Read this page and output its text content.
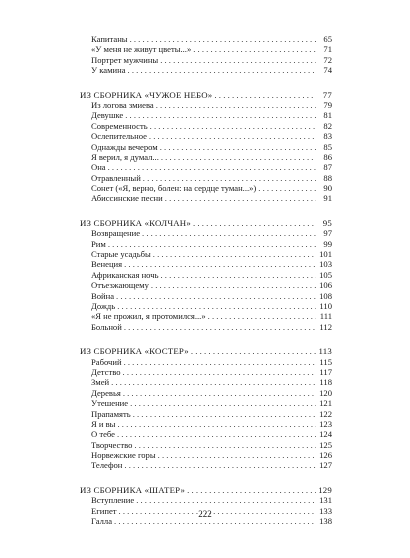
Капитаны . . .	65
«У меня не живут цветы...» . . .	71
Портрет мужчины . . .	72
У камина . . .	74
ИЗ СБОРНИКА «ЧУЖОЕ НЕБО» . . .	77
Из логова змиева . . .	79
Девушке . . .	81
Современность . . .	82
Ослепительное . . .	83
Однажды вечером . . .	85
Я верил, я думал... . . .	86
Она . . .	87
Отравленный . . .	88
Сонет («Я, верно, болен: на сердце туман...») . . .	90
Абиссинские песни . . .	91
ИЗ СБОРНИКА «КОЛЧАН» . . .	95
Возвращение . . .	97
Рим . . .	99
Старые усадьбы . . .	101
Венеция . . .	103
Африканская ночь . . .	105
Отъезжающему . . .	106
Война . . .	108
Дождь . . .	110
«Я не прожил, я протомился...» . . .	111
Больной . . .	112
ИЗ СБОРНИКА «КОСТЕР» . . .	113
Рабочий . . .	115
Детство . . .	117
Змей . . .	118
Деревья . . .	120
Утешение . . .	121
Прапамять . . .	122
Я и вы . . .	123
О тебе . . .	124
Творчество . . .	125
Норвежские горы . . .	126
Телефон . . .	127
ИЗ СБОРНИКА «ШАТЕР» . . .	129
Вступление . . .	131
Египет . . .	133
Галла . . .	138
222
